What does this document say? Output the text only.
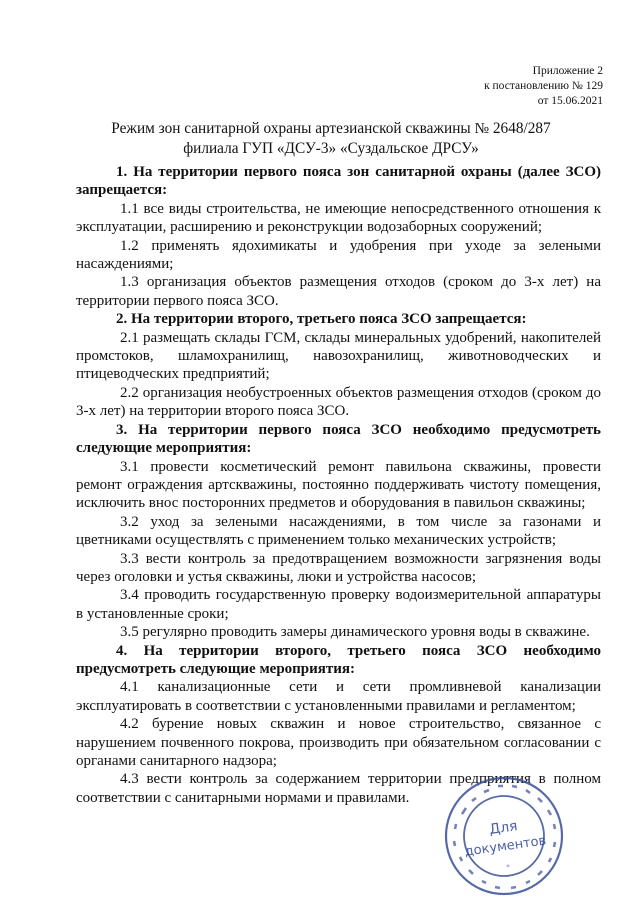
Приложение 2
к постановлению № 129
от 15.06.2021
Режим зон санитарной охраны артезианской скважины № 2648/287
филиала ГУП «ДСУ-3» «Суздальское ДРСУ»

1. На территории первого пояса зон санитарной охраны (далее ЗСО) запрещается:

1.1 все виды строительства, не имеющие непосредственного отношения к эксплуатации, расширению и реконструкции водозаборных сооружений;

1.2 применять ядохимикаты и удобрения при уходе за зелеными насаждениями;

1.3 организация объектов размещения отходов (сроком до 3-х лет) на территории первого пояса ЗСО.

2. На территории второго, третьего пояса ЗСО запрещается:

2.1 размещать склады ГСМ, склады минеральных удобрений, накопителей промстоков, шламохранилищ, навозохранилищ, животноводческих и птицеводческих предприятий;

2.2 организация необустроенных объектов размещения отходов (сроком до 3-х лет) на территории второго пояса ЗСО.

3. На территории первого пояса ЗСО необходимо предусмотреть следующие мероприятия:

3.1 провести косметический ремонт павильона скважины, провести ремонт ограждения артскважины, постоянно поддерживать чистоту помещения, исключить внос посторонних предметов и оборудования в павильон скважины;

3.2 уход за зелеными насаждениями, в том числе за газонами и цветниками осуществлять с применением только механических устройств;

3.3 вести контроль за предотвращением возможности загрязнения воды через оголовки и устья скважины, люки и устройства насосов;

3.4 проводить государственную проверку водоизмерительной аппаратуры в установленные сроки;

3.5 регулярно проводить замеры динамического уровня воды в скважине.

4. На территории второго, третьего пояса ЗСО необходимо предусмотреть следующие мероприятия:

4.1 канализационные сети и сети промливневой канализации эксплуатировать в соответствии с установленными правилами и регламентом;

4.2 бурение новых скважин и новое строительство, связанное с нарушением почвенного покрова, производить при обязательном согласовании с органами санитарного надзора;

4.3 вести контроль за содержанием территории предприятия в полном соответствии с санитарными нормами и правилами.

Для
документов
*
